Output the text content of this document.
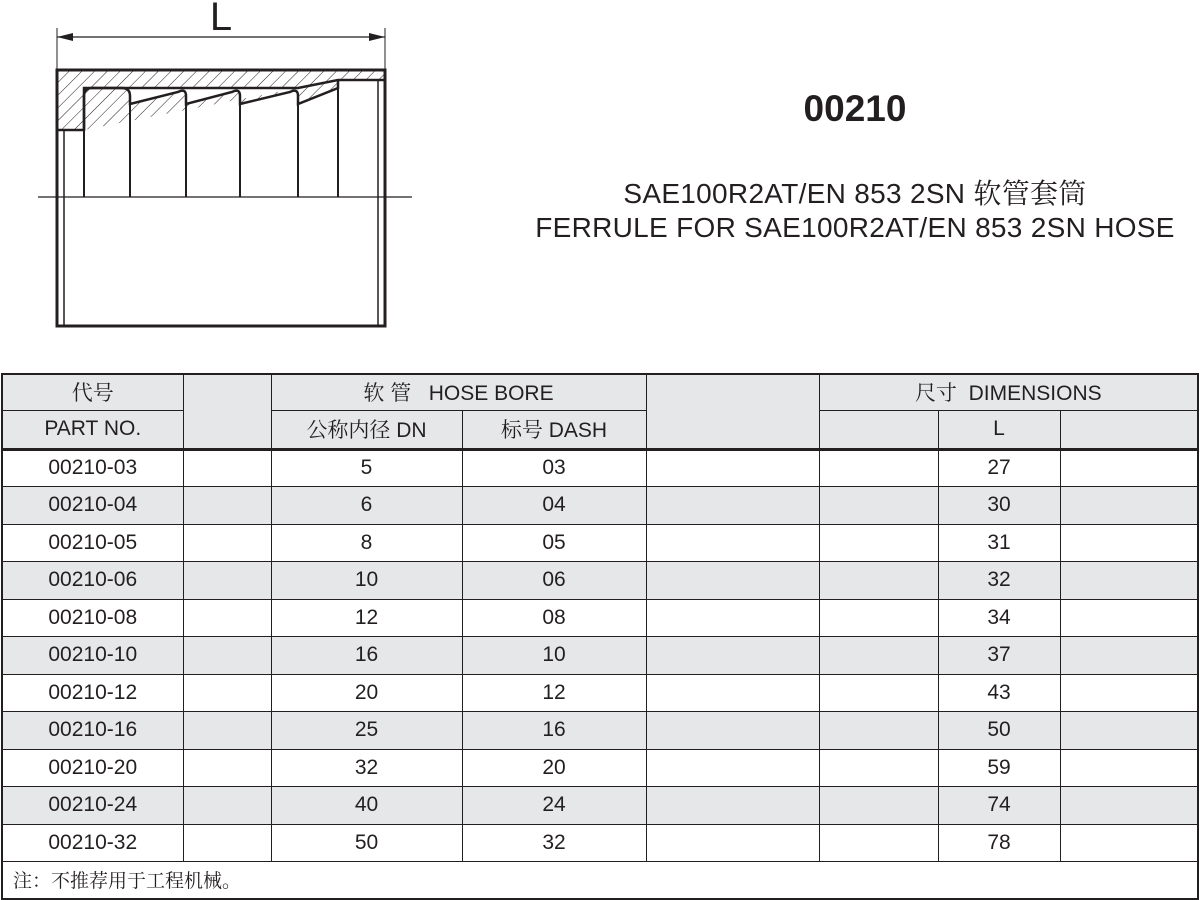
L
00210
SAE100R2AT/EN 853 2SN 软管套筒
FERRULE FOR SAE100R2AT/EN 853 2SN HOSE
代号		软 管   HOSE BORE			尺寸  DIMENSIONS		
PART NO.		公称内径 DN	标号 DASH			L	
00210-03		5	03			27	
00210-04		6	04			30	
00210-05		8	05			31	
00210-06		10	06			32	
00210-08		12	08			34	
00210-10		16	10			37	
00210-12		20	12			43	
00210-16		25	16			50	
00210-20		32	20			59	
00210-24		40	24			74	
00210-32		50	32			78	
注：不推荐用于工程机械。							
